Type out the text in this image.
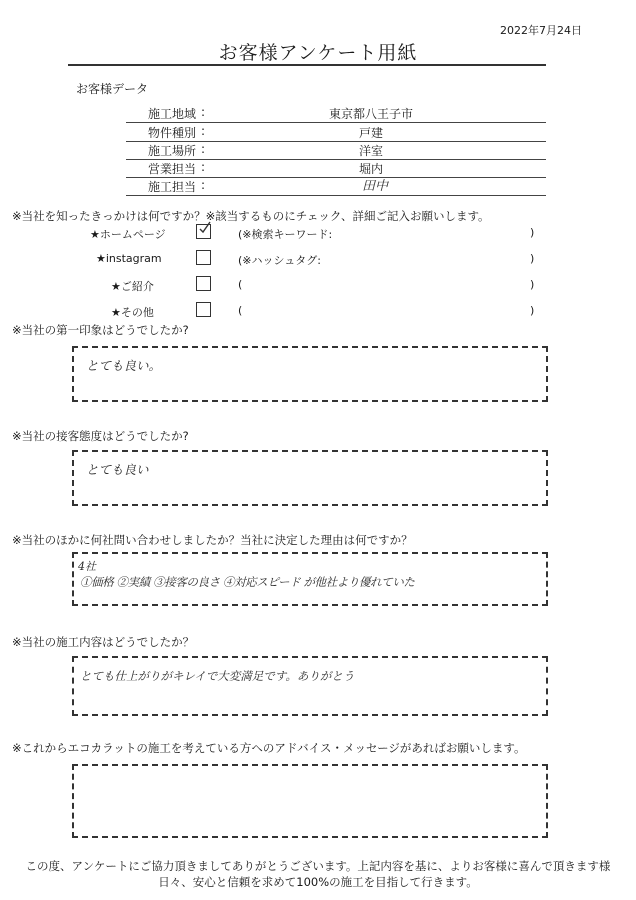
2022年7月24日
お客様アンケート用紙
お客様データ
施工地域 :	東京都八王子市
物件種別 :	戸建
施工場所 :	洋室
営業担当 :	堀内
施工担当 :	田中
※当社を知ったきっかけは何ですか？※該当するものにチェック、詳細ご記入お願いします。
★ホームページ	(※検索キーワード:	)
★instagram	(※ハッシュタグ:	)
★ご紹介	(	)
★その他	(	)
※当社の第一印象はどうでしたか?
とても良い。
※当社の接客態度はどうでしたか?
とても良い
※当社のほかに何社問い合わせしましたか？当社に決定した理由は何ですか？
4社
①価格 ②実績 ③接客の良さ ④対応スピード が他社より優れていた
※当社の施工内容はどうでしたか？
とても仕上がりがキレイで大変満足です。ありがとう
※これからエコカラットの施工を考えている方へのアドバイス・メッセージがあればお願いします。
この度、アンケートにご協力頂きましてありがとうございます。上記内容を基に、よりお客様に喜んで頂きます様
日々、安心と信頼を求めて100%の施工を目指して行きます。
